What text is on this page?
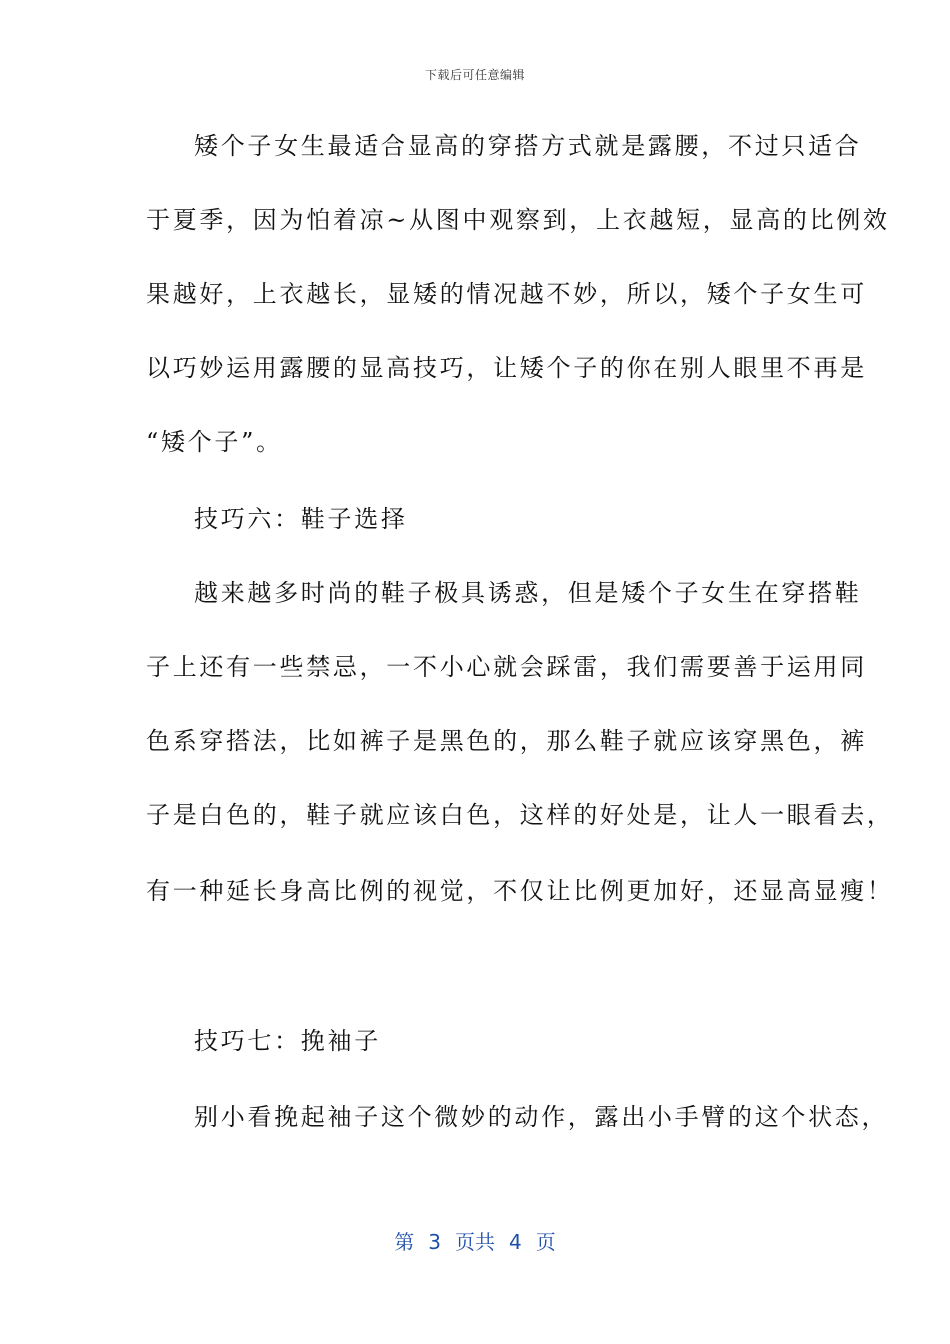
下载后可任意编辑
矮个子女生最适合显高的穿搭方式就是露腰，不过只适合
于夏季，因为怕着凉~从图中观察到，上衣越短，显高的比例效
果越好，上衣越长，显矮的情况越不妙，所以，矮个子女生可
以巧妙运用露腰的显高技巧，让矮个子的你在别人眼里不再是
“矮个子”。
技巧六：鞋子选择
越来越多时尚的鞋子极具诱惑，但是矮个子女生在穿搭鞋
子上还有一些禁忌，一不小心就会踩雷，我们需要善于运用同
色系穿搭法，比如裤子是黑色的，那么鞋子就应该穿黑色，裤
子是白色的，鞋子就应该白色，这样的好处是，让人一眼看去，
有一种延长身高比例的视觉，不仅让比例更加好，还显高显瘦！
技巧七：挽袖子
别小看挽起袖子这个微妙的动作，露出小手臂的这个状态，
第 3 页共 4 页
